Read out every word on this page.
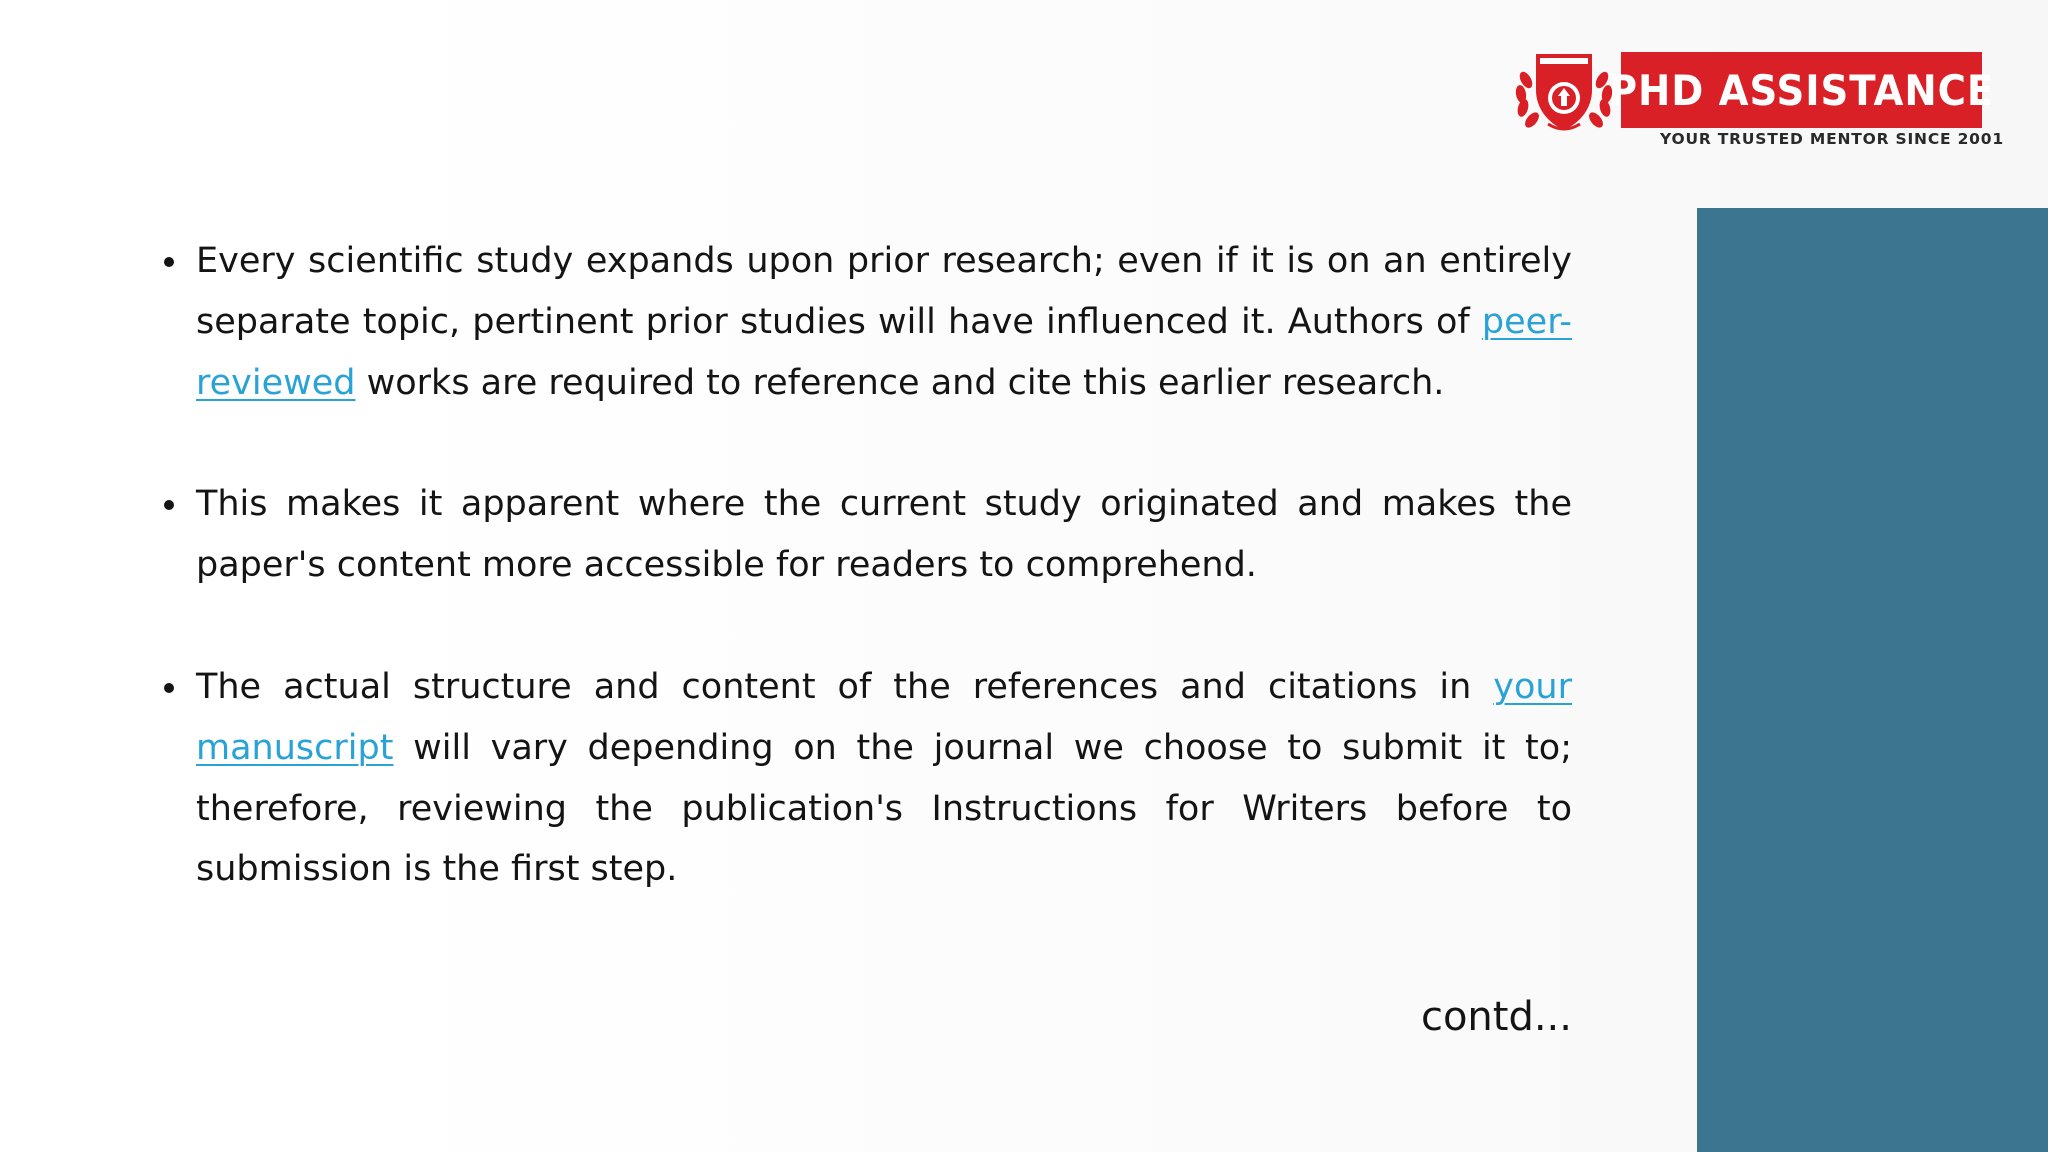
PHD ASSISTANCE
YOUR TRUSTED MENTOR SINCE 2001
Every scientific study expands upon prior research; even if it is on an entirely separate topic, pertinent prior studies will have influenced it. Authors of peer-reviewed works are required to reference and cite this earlier research.
This makes it apparent where the current study originated and makes the paper's content more accessible for readers to comprehend.
The actual structure and content of the references and citations in your manuscript will vary depending on the journal we choose to submit it to; therefore, reviewing the publication's Instructions for Writers before to submission is the first step.
contd...
